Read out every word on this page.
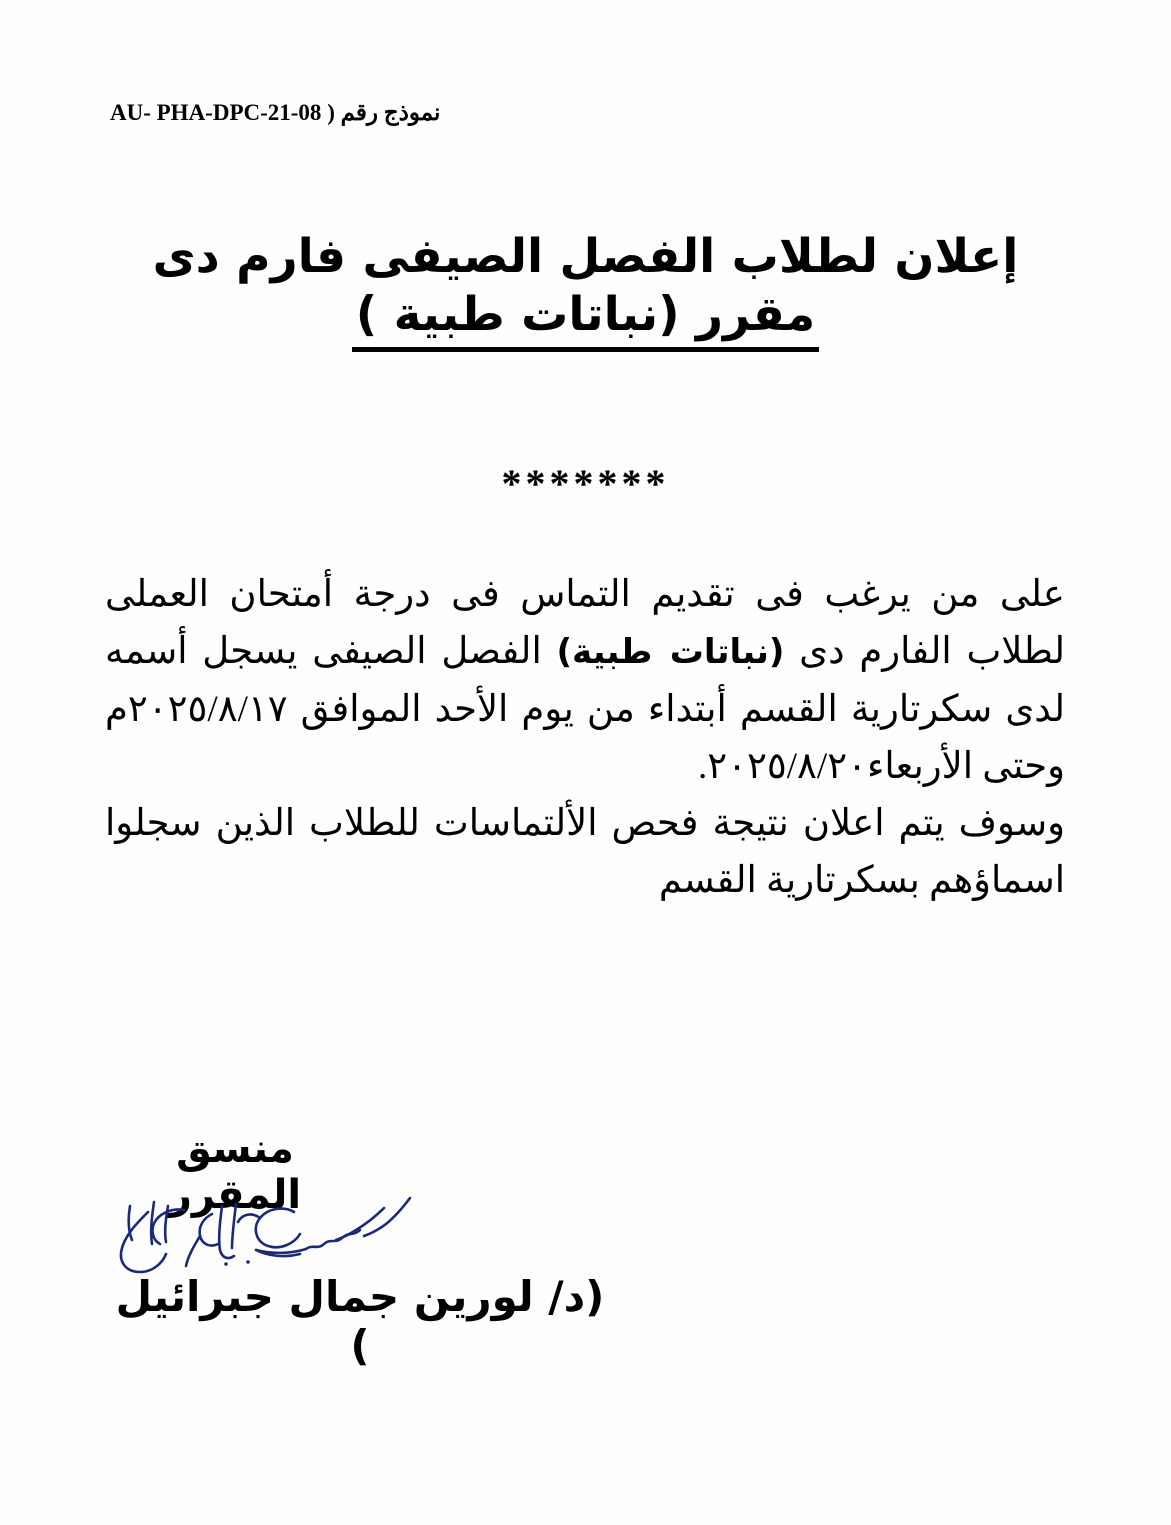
نموذج رقم ( AU- PHA-DPC-21-08
إعلان لطلاب الفصل الصيفى فارم دى
مقرر (نباتات طبية )
*******

على من يرغب فى تقديم التماس فى درجة أمتحان العملى لطلاب الفارم دى (نباتات طبية) الفصل الصيفى يسجل أسمه لدى سكرتارية القسم أبتداء من يوم الأحد الموافق ٢٠٢٥/٨/١٧م وحتى الأربعاء٢٠٢٥/٨/٢٠.

وسوف يتم اعلان نتيجة فحص الألتماسات للطلاب الذين سجلوا اسماؤهم بسكرتارية القسم

منسق المقرر
(د/ لورين جمال جبرائيل )
